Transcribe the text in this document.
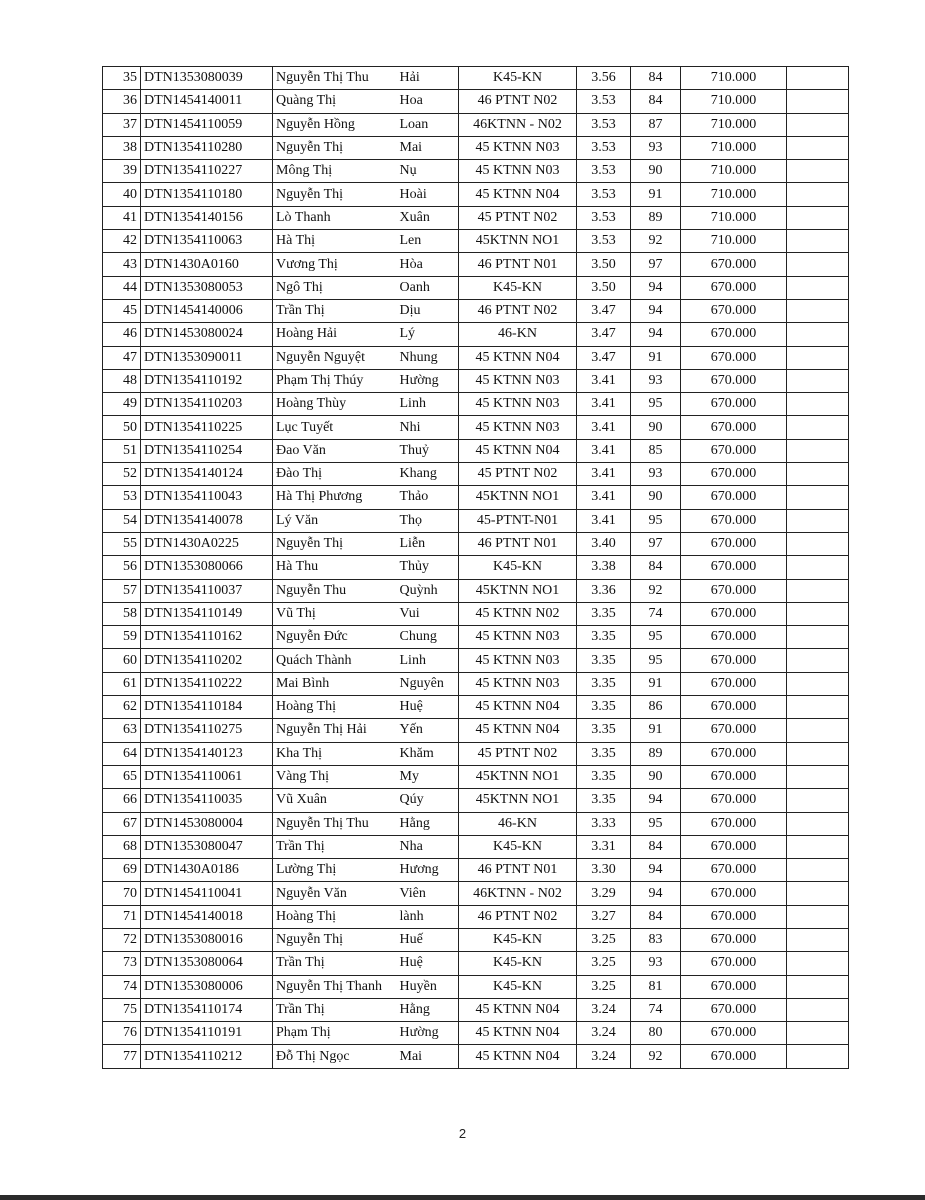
35	DTN1353080039	Nguyễn Thị Thu	Hải	K45-KN	3.56	84	710.000	
36	DTN1454140011	Quàng Thị	Hoa	46 PTNT N02	3.53	84	710.000	
37	DTN1454110059	Nguyễn Hồng	Loan	46KTNN - N02	3.53	87	710.000	
38	DTN1354110280	Nguyễn Thị	Mai	45 KTNN N03	3.53	93	710.000	
39	DTN1354110227	Mông Thị	Nụ	45 KTNN N03	3.53	90	710.000	
40	DTN1354110180	Nguyễn Thị	Hoài	45 KTNN N04	3.53	91	710.000	
41	DTN1354140156	Lò Thanh	Xuân	45 PTNT N02	3.53	89	710.000	
42	DTN1354110063	Hà Thị	Len	45KTNN NO1	3.53	92	710.000	
43	DTN1430A0160	Vương Thị	Hòa	46 PTNT N01	3.50	97	670.000	
44	DTN1353080053	Ngô Thị	Oanh	K45-KN	3.50	94	670.000	
45	DTN1454140006	Trần Thị	Dịu	46 PTNT N02	3.47	94	670.000	
46	DTN1453080024	Hoàng Hải	Lý	46-KN	3.47	94	670.000	
47	DTN1353090011	Nguyễn Nguyệt	Nhung	45 KTNN N04	3.47	91	670.000	
48	DTN1354110192	Phạm Thị Thúy	Hường	45 KTNN N03	3.41	93	670.000	
49	DTN1354110203	Hoàng Thùy	Linh	45 KTNN N03	3.41	95	670.000	
50	DTN1354110225	Lục Tuyết	Nhi	45 KTNN N03	3.41	90	670.000	
51	DTN1354110254	Đao Văn	Thuỷ	45 KTNN N04	3.41	85	670.000	
52	DTN1354140124	Đào Thị	Khang	45 PTNT N02	3.41	93	670.000	
53	DTN1354110043	Hà Thị Phương	Thảo	45KTNN NO1	3.41	90	670.000	
54	DTN1354140078	Lý Văn	Thọ	45-PTNT-N01	3.41	95	670.000	
55	DTN1430A0225	Nguyễn Thị	Liễn	46 PTNT N01	3.40	97	670.000	
56	DTN1353080066	Hà Thu	Thủy	K45-KN	3.38	84	670.000	
57	DTN1354110037	Nguyễn Thu	Quỳnh	45KTNN NO1	3.36	92	670.000	
58	DTN1354110149	Vũ Thị	Vui	45 KTNN N02	3.35	74	670.000	
59	DTN1354110162	Nguyễn Đức	Chung	45 KTNN N03	3.35	95	670.000	
60	DTN1354110202	Quách Thành	Linh	45 KTNN N03	3.35	95	670.000	
61	DTN1354110222	Mai Bình	Nguyên	45 KTNN N03	3.35	91	670.000	
62	DTN1354110184	Hoàng Thị	Huệ	45 KTNN N04	3.35	86	670.000	
63	DTN1354110275	Nguyễn Thị Hải	Yến	45 KTNN N04	3.35	91	670.000	
64	DTN1354140123	Kha Thị	Khăm	45 PTNT N02	3.35	89	670.000	
65	DTN1354110061	Vàng Thị	My	45KTNN NO1	3.35	90	670.000	
66	DTN1354110035	Vũ Xuân	Qúy	45KTNN NO1	3.35	94	670.000	
67	DTN1453080004	Nguyễn Thị Thu	Hằng	46-KN	3.33	95	670.000	
68	DTN1353080047	Trần Thị	Nha	K45-KN	3.31	84	670.000	
69	DTN1430A0186	Lường Thị	Hương	46 PTNT N01	3.30	94	670.000	
70	DTN1454110041	Nguyễn Văn	Viên	46KTNN - N02	3.29	94	670.000	
71	DTN1454140018	Hoàng Thị	lành	46 PTNT N02	3.27	84	670.000	
72	DTN1353080016	Nguyễn Thị	Huế	K45-KN	3.25	83	670.000	
73	DTN1353080064	Trần Thị	Huệ	K45-KN	3.25	93	670.000	
74	DTN1353080006	Nguyễn Thị Thanh	Huyền	K45-KN	3.25	81	670.000	
75	DTN1354110174	Trần Thị	Hằng	45 KTNN N04	3.24	74	670.000	
76	DTN1354110191	Phạm Thị	Hường	45 KTNN N04	3.24	80	670.000	
77	DTN1354110212	Đỗ Thị Ngọc	Mai	45 KTNN N04	3.24	92	670.000	
2
